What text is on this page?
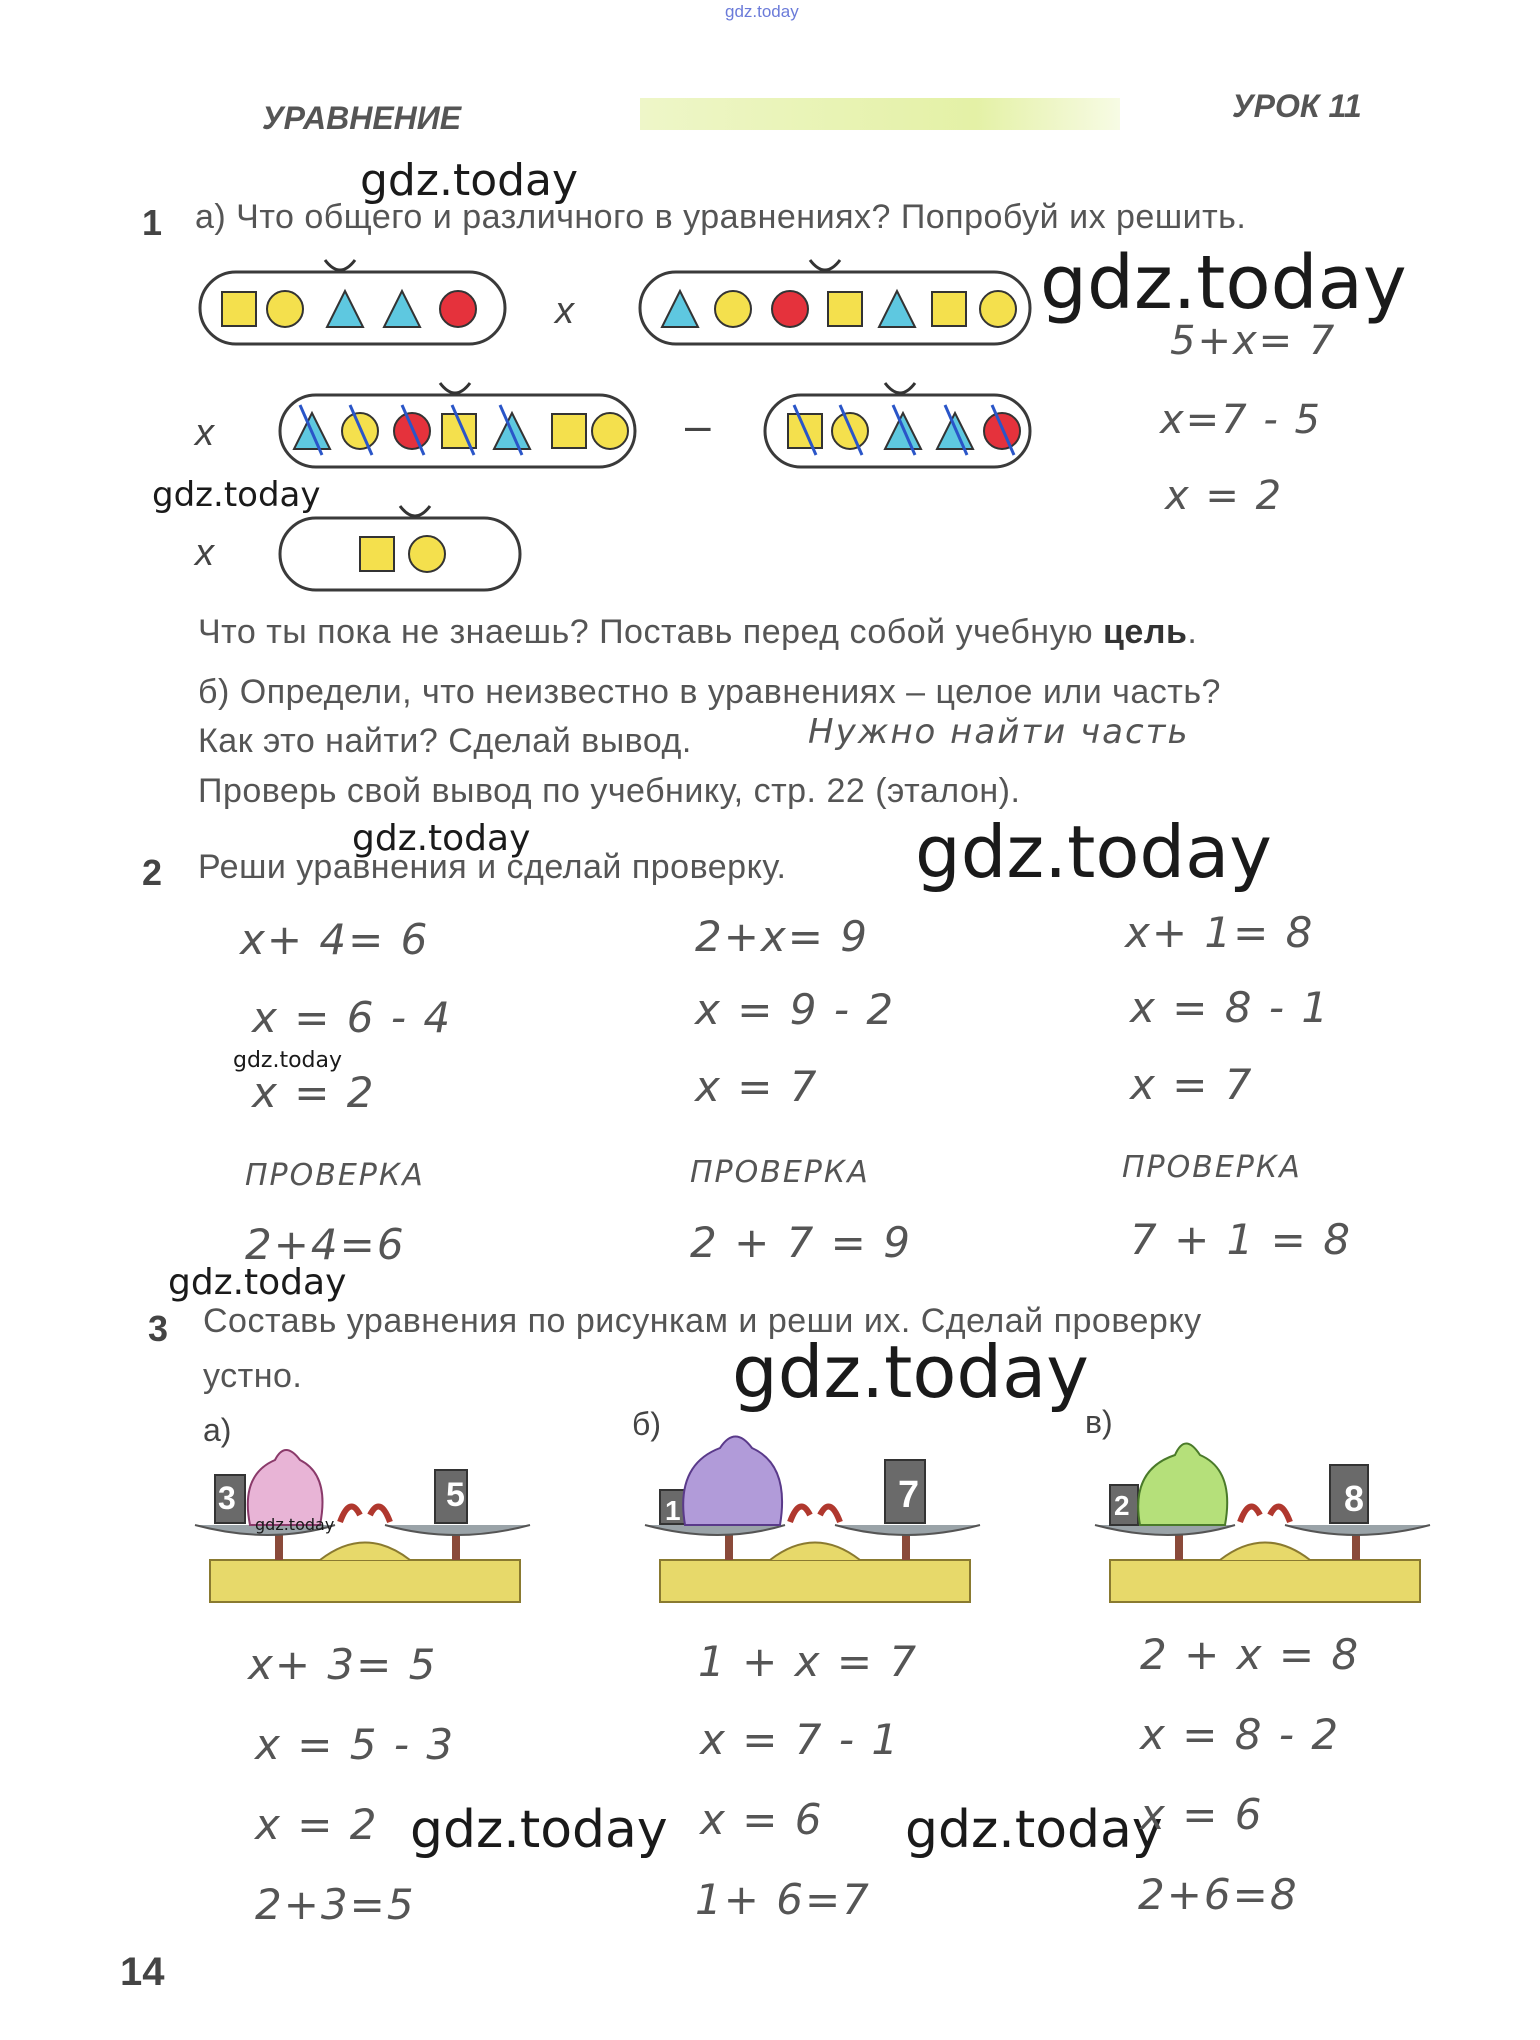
gdz.today
УРАВНЕНИЕ	УРОК 11
gdz.today
1 а) Что общего и различного в уравнениях? Попробуй их решить.
x
x	–
x
gdz.today
5+x= 7
x=7 - 5
x = 2
gdz.today
Что ты пока не знаешь? Поставь перед собой учебную цель.
б) Определи, что неизвестно в уравнениях – целое или часть?
Как это найти? Сделай вывод.	Нужно найти часть
Проверь свой вывод по учебнику, стр. 22 (эталон).
gdz.today
2 Реши уравнения и сделай проверку. gdz.today
x+ 4= 6
x = 6 - 4
gdz.today
x = 2
ПРОВЕРКА
2+4=6
2+x= 9
x = 9 - 2
x = 7
ПРОВЕРКА
2 + 7 = 9
x+ 1= 8
x = 8 - 1
x = 7
ПРОВЕРКА
7 + 1 = 8
gdz.today
3 Составь уравнения по рисункам и реши их. Сделай проверку
устно.	gdz.today
а)	б)	в)
3	5
gdz.today	1	7	2	8
x+ 3= 5
x = 5 - 3
x = 2
2+3=5
gdz.today
1 + x = 7
x = 7 - 1
x = 6
1+ 6=7
2 + x = 8
x = 8 - 2
gdz.today
x = 6
2+6=8
14
